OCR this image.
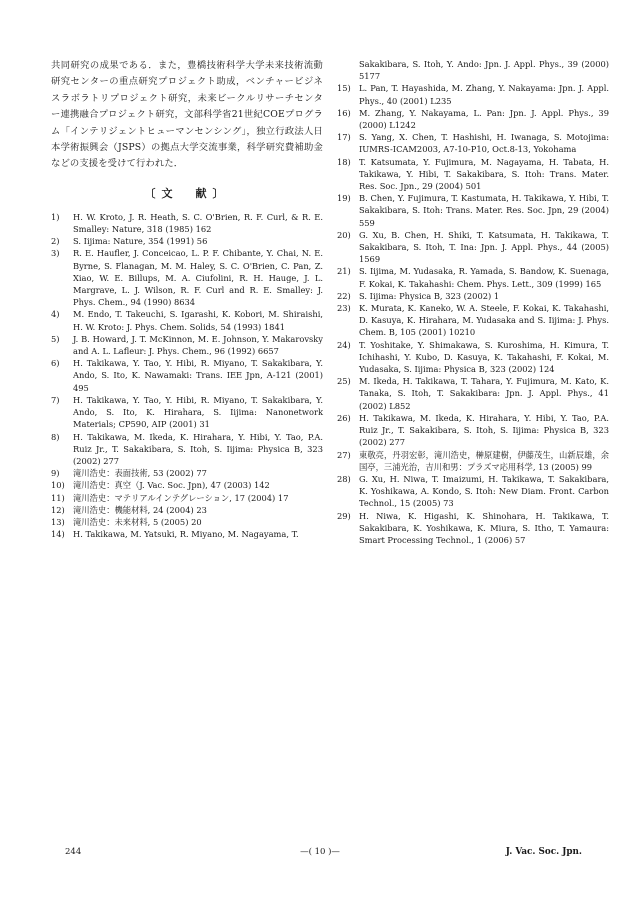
共同研究の成果である．また，豊橋技術科学大学未来技術流動研究センターの重点研究プロジェクト助成，ベンチャービジネスラボラトリプロジェクト研究，未来ビークルリサーチセンター連携融合プロジェクト研究，文部科学省21世紀COEプログラム「インテリジェントヒューマンセンシング」，独立行政法人日本学術振興会（JSPS）の拠点大学交流事業，科学研究費補助金などの支援を受けて行われた．

〔文　献〕
1)	H. W. Kroto, J. R. Heath, S. C. O'Brien, R. F. Curl, & R. E. Smalley: Nature, 318 (1985) 162
2)	S. Iijima: Nature, 354 (1991) 56
3)	R. E. Haufler, J. Conceicao, L. P. F. Chibante, Y. Chai, N. E. Byrne, S. Flanagan, M. M. Haley, S. C. O'Brien, C. Pan, Z. Xiao, W. E. Billups, M. A. Ciufolini, R. H. Hauge, J. L. Margrave, L. J. Wilson, R. F. Curl and R. E. Smalley: J. Phys. Chem., 94 (1990) 8634
4)	M. Endo, T. Takeuchi, S. Igarashi, K. Kobori, M. Shiraishi, H. W. Kroto: J. Phys. Chem. Solids, 54 (1993) 1841
5)	J. B. Howard, J. T. McKinnon, M. E. Johnson, Y. Makarovsky and A. L. Lafleur: J. Phys. Chem., 96 (1992) 6657
6)	H. Takikawa, Y. Tao, Y. Hibi, R. Miyano, T. Sakakibara, Y. Ando, S. Ito, K. Nawamaki: Trans. IEE Jpn, A-121 (2001) 495
7)	H. Takikawa, Y. Tao, Y. Hibi, R. Miyano, T. Sakakibara, Y. Ando, S. Ito, K. Hirahara, S. Iijima: Nanonetwork Materials; CP590, AIP (2001) 31
8)	H. Takikawa, M. Ikeda, K. Hirahara, Y. Hibi, Y. Tao, P.A. Ruiz Jr., T. Sakakibara, S. Itoh, S. Iijima: Physica B, 323 (2002) 277
9)	滝川浩史：表面技術, 53 (2002) 77
10) 滝川浩史：真空（J. Vac. Soc. Jpn), 47 (2003) 142
11) 滝川浩史：マテリアルインテグレーション, 17 (2004) 17
12) 滝川浩史：機能材料, 24 (2004) 23
13) 滝川浩史：未来材料, 5 (2005) 20
14) H. Takikawa, M. Yatsuki, R. Miyano, M. Nagayama, T.
Sakakibara, S. Itoh, Y. Ando: Jpn. J. Appl. Phys., 39 (2000) 5177
15) L. Pan, T. Hayashida, M. Zhang, Y. Nakayama: Jpn. J. Appl. Phys., 40 (2001) L235
16) M. Zhang, Y. Nakayama, L. Pan: Jpn. J. Appl. Phys., 39 (2000) L1242
17) S. Yang, X. Chen, T. Hashishi, H. Iwanaga, S. Motojima: IUMRS-ICAM2003, A7-10-P10, Oct.8-13, Yokohama
18) T. Katsumata, Y. Fujimura, M. Nagayama, H. Tabata, H. Takikawa, Y. Hibi, T. Sakakibara, S. Itoh: Trans. Mater. Res. Soc. Jpn., 29 (2004) 501
19) B. Chen, Y. Fujimura, T. Kastumata, H. Takikawa, Y. Hibi, T. Sakakibara, S. Itoh: Trans. Mater. Res. Soc. Jpn, 29 (2004) 559
20) G. Xu, B. Chen, H. Shiki, T. Katsumata, H. Takikawa, T. Sakakibara, S. Itoh, T. Ina: Jpn. J. Appl. Phys., 44 (2005) 1569
21) S. Iijima, M. Yudasaka, R. Yamada, S. Bandow, K. Suenaga, F. Kokai, K. Takahashi: Chem. Phys. Lett., 309 (1999) 165
22) S. Iijima: Physica B, 323 (2002) 1
23) K. Murata, K. Kaneko, W. A. Steele, F. Kokai, K. Takahashi, D. Kasuya, K. Hirahara, M. Yudasaka and S. Iijima: J. Phys. Chem. B, 105 (2001) 10210
24) T. Yoshitake, Y. Shimakawa, S. Kuroshima, H. Kimura, T. Ichihashi, Y. Kubo, D. Kasuya, K. Takahashi, F. Kokai, M. Yudasaka, S. Iijima: Physica B, 323 (2002) 124
25) M. Ikeda, H. Takikawa, T. Tahara, Y. Fujimura, M. Kato, K. Tanaka, S. Itoh, T. Sakakibara: Jpn. J. Appl. Phys., 41 (2002) L852
26) H. Takikawa, M. Ikeda, K. Hirahara, Y. Hibi, Y. Tao, P.A. Ruiz Jr., T. Sakakibara, S. Itoh, S. Iijima: Physica B, 323 (2002) 277
27) 東敬亮，丹羽宏彰，滝川浩史，榊原建樹，伊藤茂生，山新辰雄，余 国亭，三浦光治，吉川和男：プラズマ応用科学, 13 (2005) 99
28) G. Xu, H. Niwa, T. Imaizumi, H. Takikawa, T. Sakakibara, K. Yoshikawa, A. Kondo, S. Itoh: New Diam. Front. Carbon Technol., 15 (2005) 73
29) H. Niwa, K. Higashi, K. Shinohara, H. Takikawa, T. Sakakibara, K. Yoshikawa, K. Miura, S. Itho, T. Yamaura: Smart Processing Technol., 1 (2006) 57
244	—( 10 )—	J. Vac. Soc. Jpn.
